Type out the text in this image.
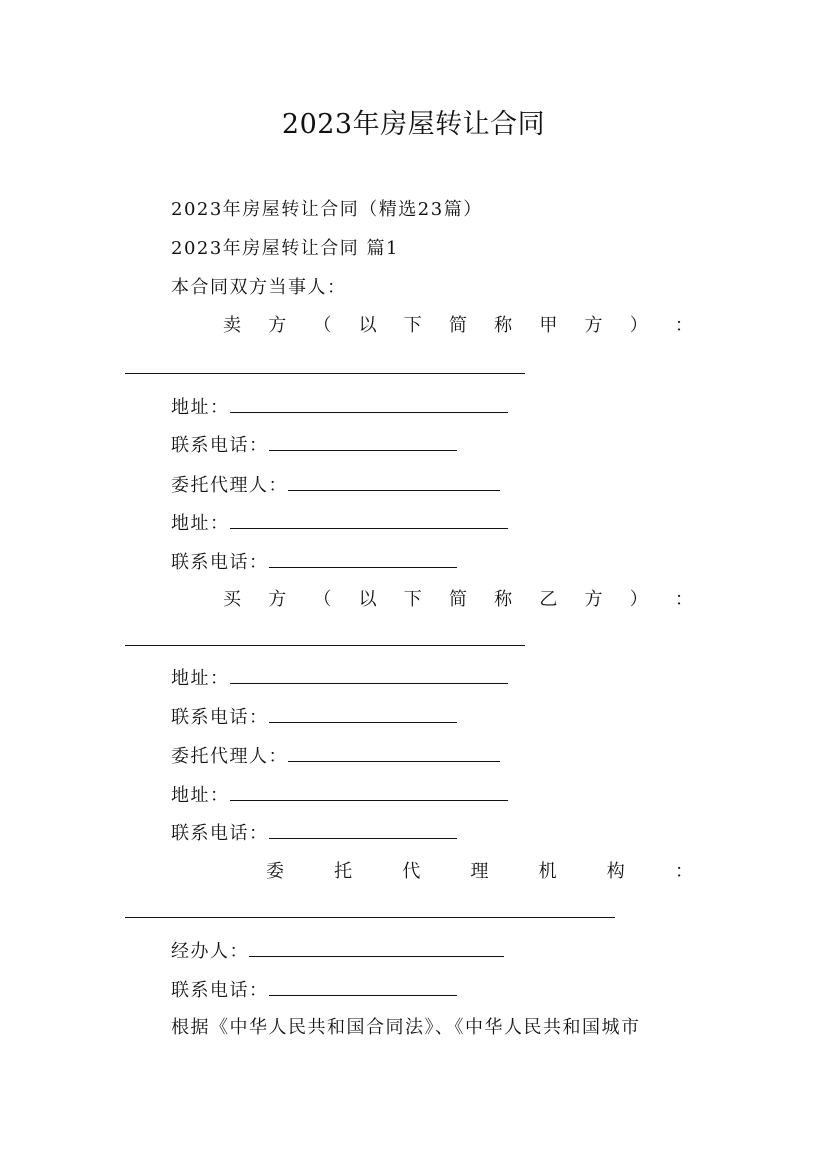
2023年房屋转让合同
2023年房屋转让合同（精选23篇）
2023年房屋转让合同 篇1
本合同双方当事人：
卖 方 （ 以 下 简 称 甲 方 ） ：
地址：
联系电话：
委托代理人：
地址：
联系电话：
买 方 （ 以 下 简 称 乙 方 ） ：
地址：
联系电话：
委托代理人：
地址：
联系电话：
委	托	代	理	机	构	：
经办人：
联系电话：
根据《中华人民共和国合同法》、《中华人民共和国城市
